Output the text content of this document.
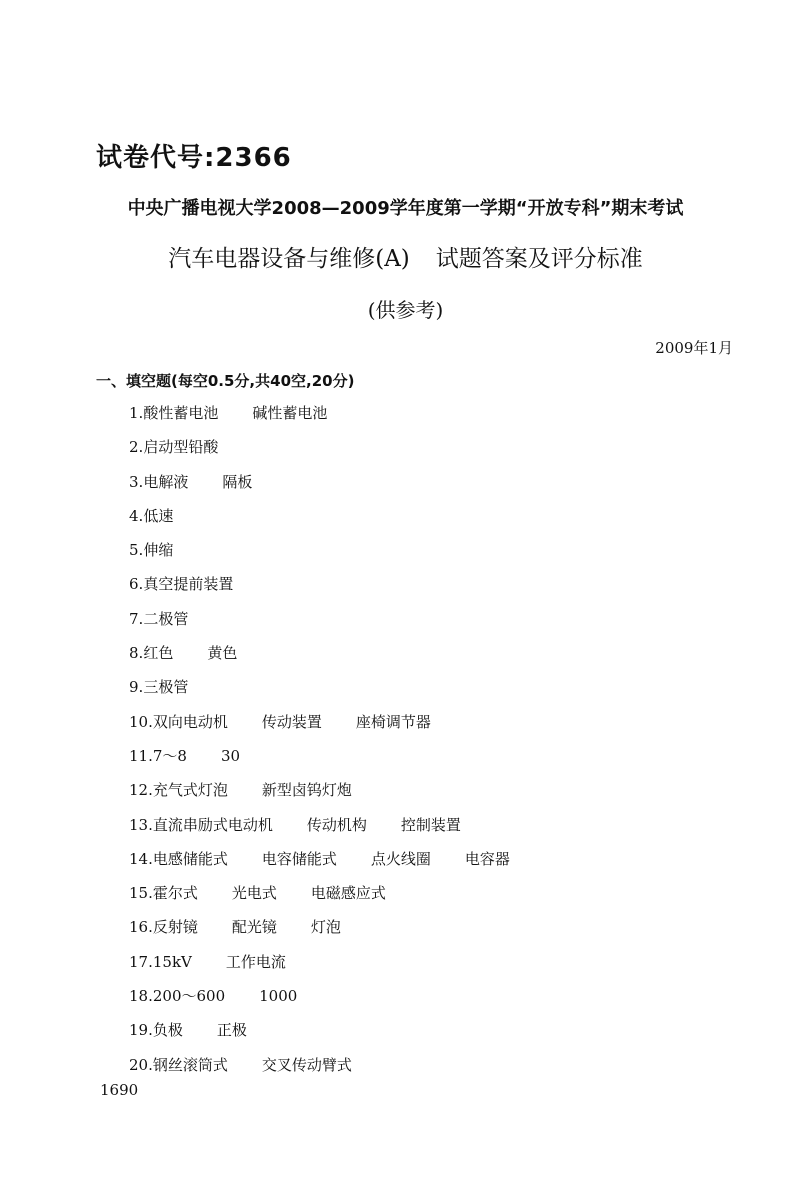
试卷代号:2366
中央广播电视大学2008—2009学年度第一学期“开放专科”期末考试
汽车电器设备与维修(A) 试题答案及评分标准
(供参考)
2009年1月
一、填空题(每空0.5分,共40空,20分)
1. 酸性蓄电池 碱性蓄电池
2. 启动型铅酸
3. 电解液 隔板
4. 低速
5. 伸缩
6. 真空提前装置
7. 二极管
8. 红色 黄色
9. 三极管
10. 双向电动机 传动装置 座椅调节器
11. 7～8 30
12. 充气式灯泡 新型卤钨灯炮
13. 直流串励式电动机 传动机构 控制装置
14. 电感储能式 电容储能式 点火线圈 电容器
15. 霍尔式 光电式 电磁感应式
16. 反射镜 配光镜 灯泡
17. 15kV 工作电流
18. 200～600 1000
19. 负极 正极
20. 钢丝滚筒式 交叉传动臂式
1690
